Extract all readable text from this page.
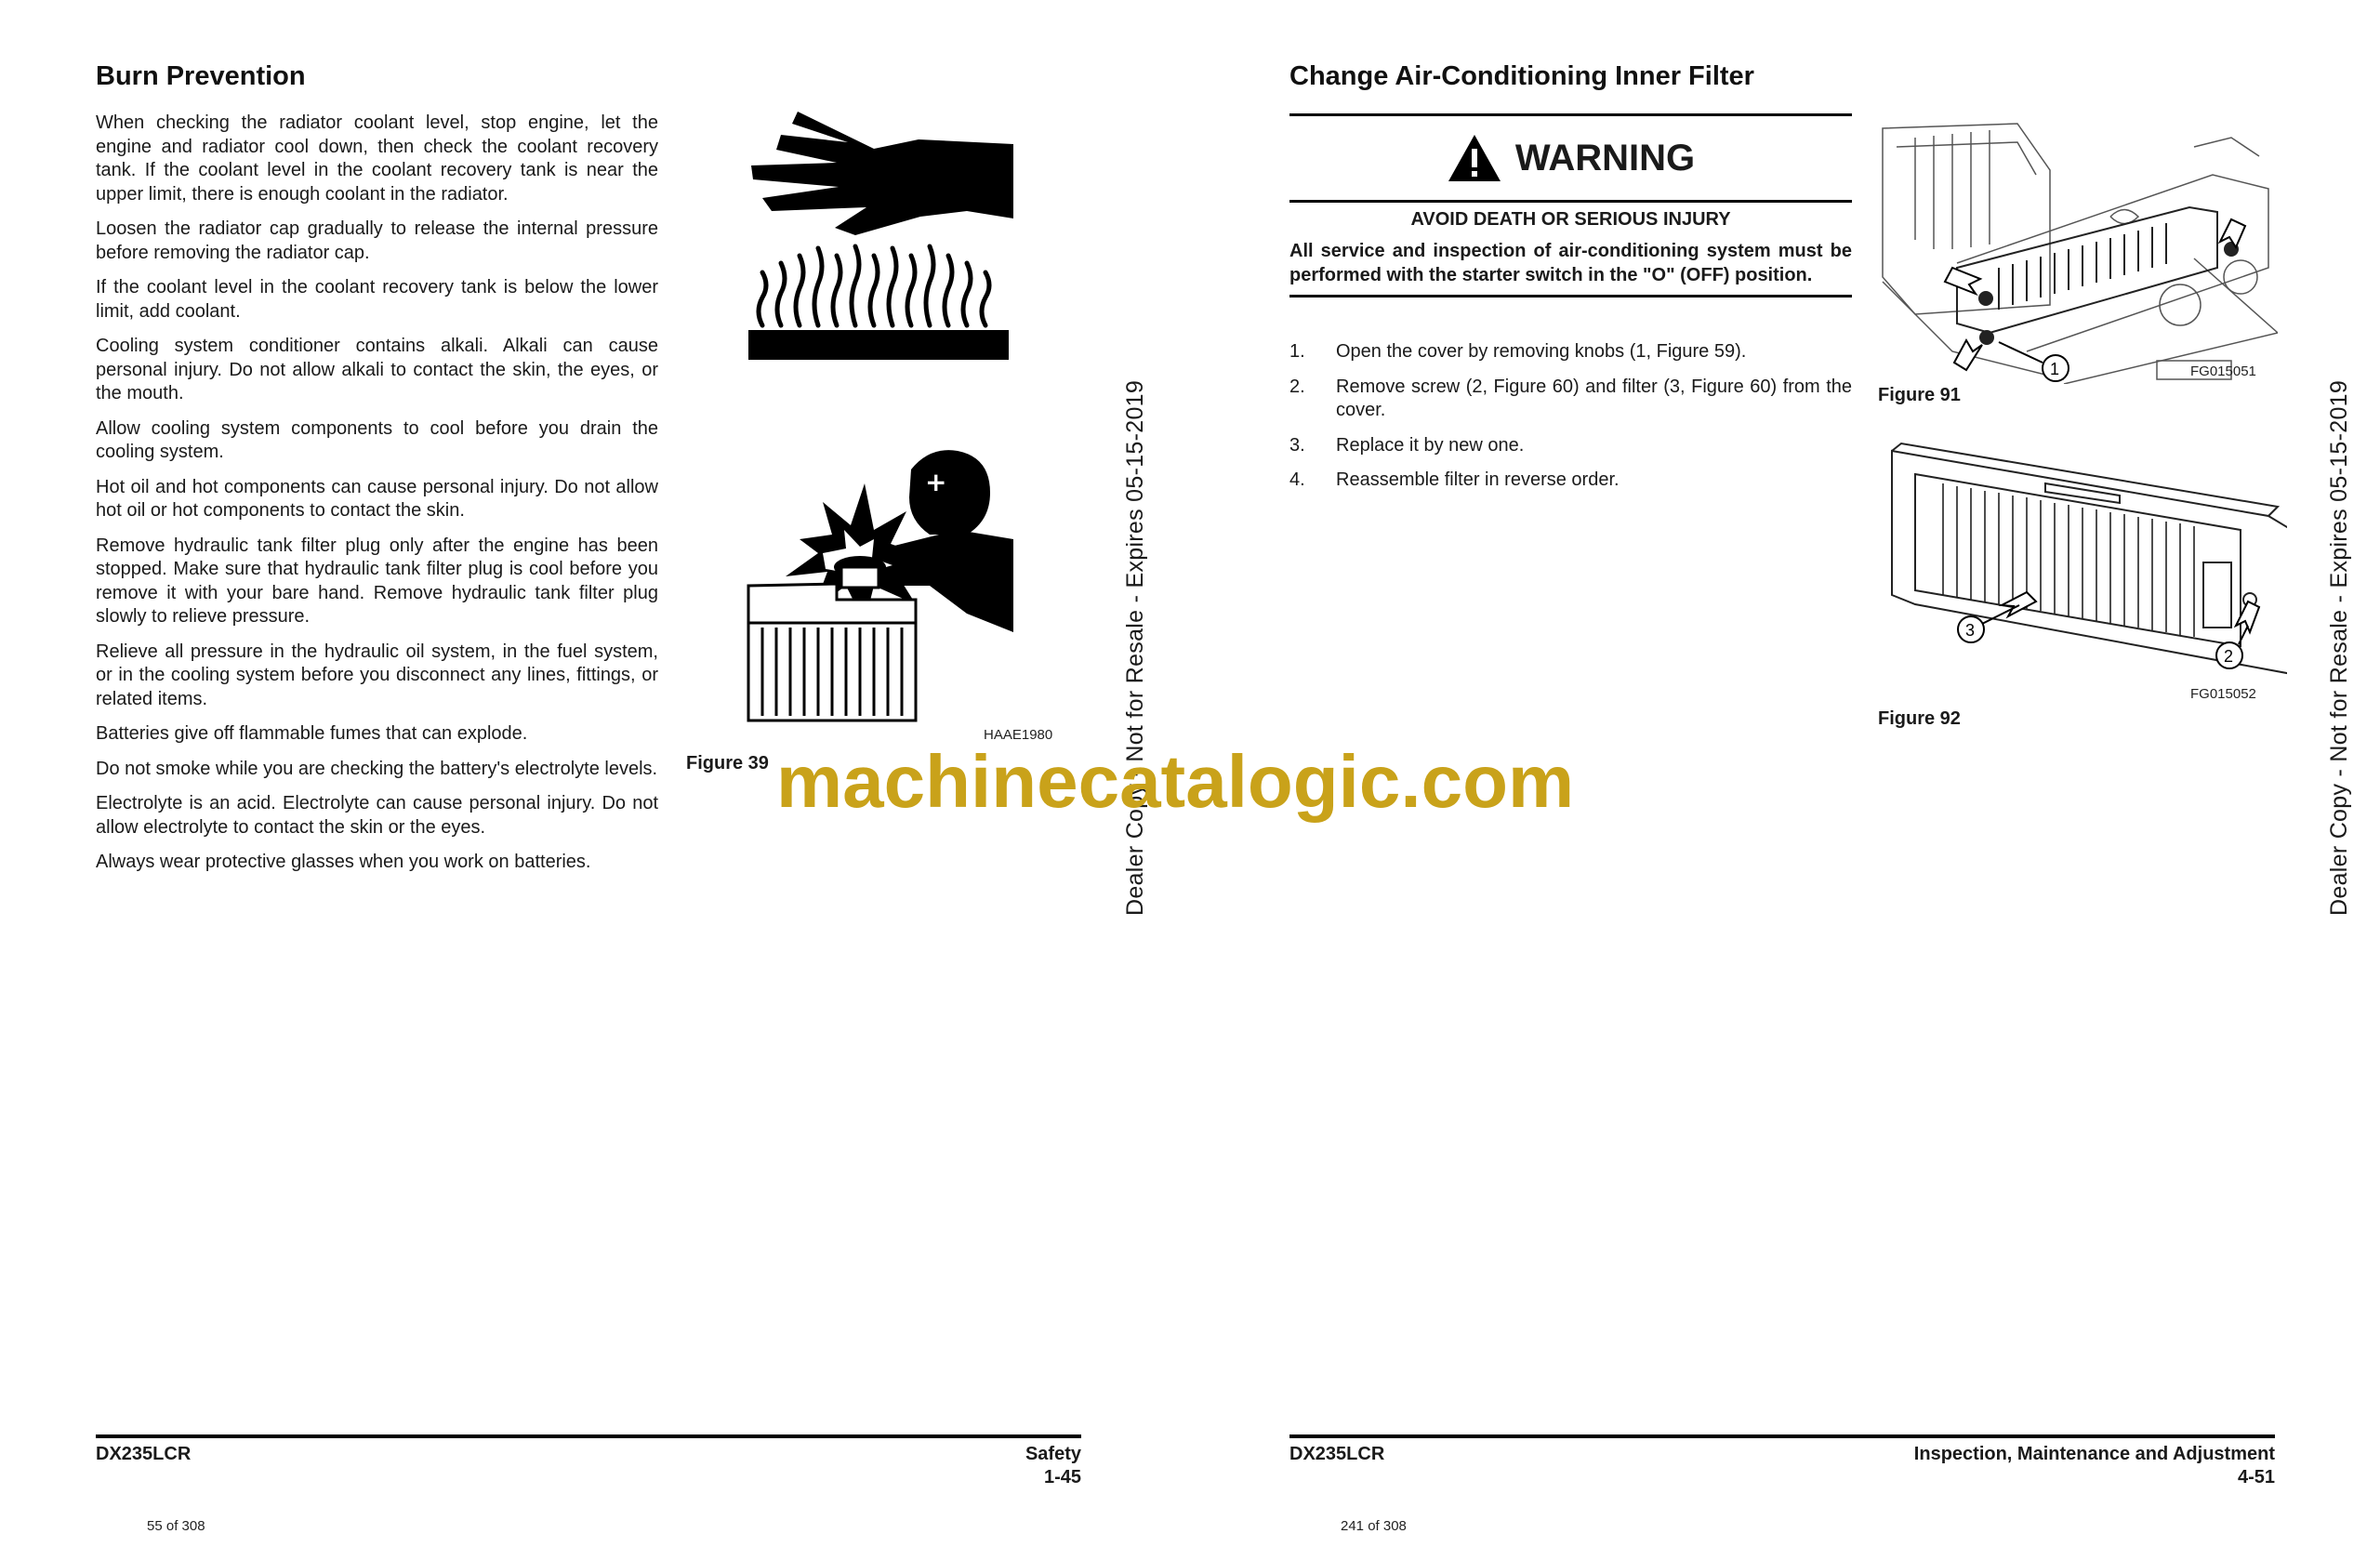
Burn Prevention

When checking the radiator coolant level, stop engine, let the engine and radiator cool down, then check the coolant recovery tank. If the coolant level in the coolant recovery tank is near the upper limit, there is enough coolant in the radiator.

Loosen the radiator cap gradually to release the internal pressure before removing the radiator cap.

If the coolant level in the coolant recovery tank is below the lower limit, add coolant.

Cooling system conditioner contains alkali. Alkali can cause personal injury. Do not allow alkali to contact the skin, the eyes, or the mouth.

Allow cooling system components to cool before you drain the cooling system.

Hot oil and hot components can cause personal injury. Do not allow hot oil or hot components to contact the skin.

Remove hydraulic tank filter plug only after the engine has been stopped. Make sure that hydraulic tank filter plug is cool before you remove it with your bare hand. Remove hydraulic tank filter plug slowly to relieve pressure.

Relieve all pressure in the hydraulic oil system, in the fuel system, or in the cooling system before you disconnect any lines, fittings, or related items.

Batteries give off flammable fumes that can explode.

Do not smoke while you are checking the battery's electrolyte levels.

Electrolyte is an acid. Electrolyte can cause personal injury. Do not allow electrolyte to contact the skin or the eyes.

Always wear protective glasses when you work on batteries.

+
HAAE1980
Figure 39	Dealer Copy - Not for Resale - Expires 05-15-2019
DX235LCR	Safety
1-45
55 of 308
Change Air-Conditioning Inner Filter
WARNING
AVOID DEATH OR SERIOUS INJURY
All service and inspection of air-conditioning system must be performed with the starter switch in the "O" (OFF) position.
1.	Open the cover by removing knobs (1, Figure 59).
2.	Remove screw (2, Figure 60) and filter (3, Figure 60) from the cover.
3.	Replace it by new one.
4.	Reassemble filter in reverse order.
1	FG015051
Figure 91
3
2
FG015052
Figure 92	Dealer Copy - Not for Resale - Expires 05-15-2019
DX235LCR	Inspection, Maintenance and Adjustment
4-51
241 of 308
machinecatalogic.com
